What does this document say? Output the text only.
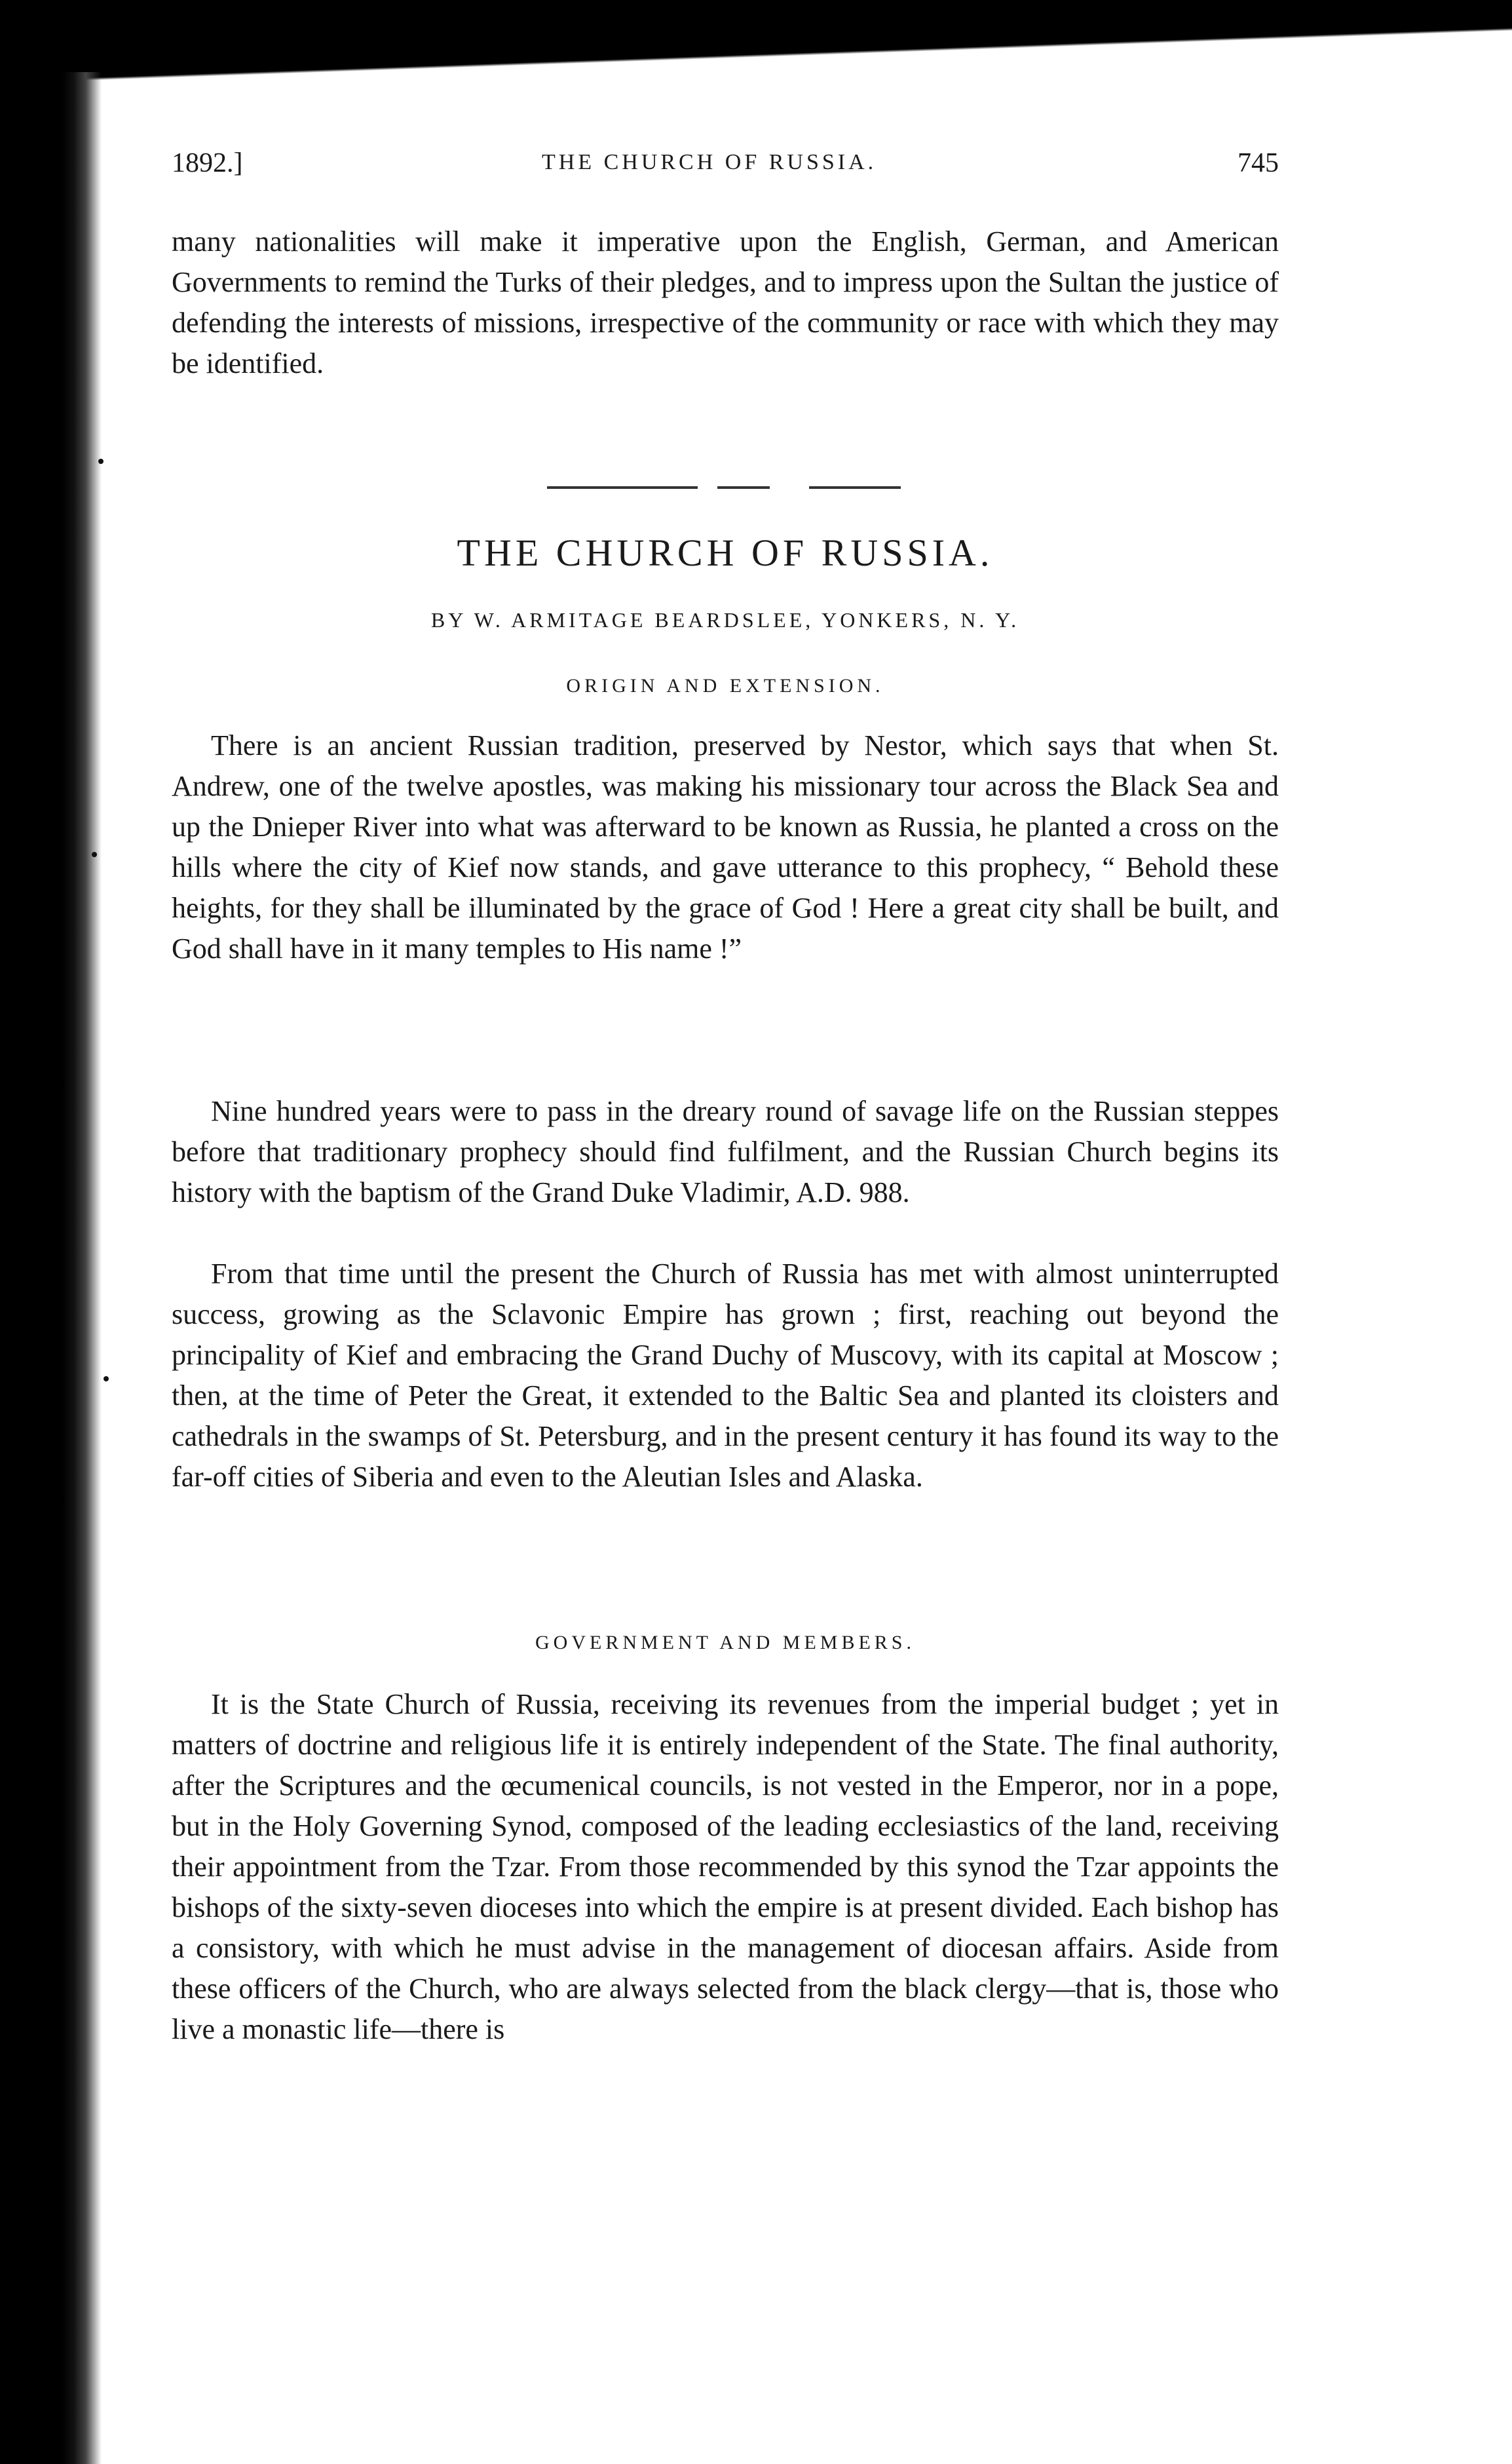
1892.]	THE CHURCH OF RUSSIA.	745
many nationalities will make it imperative upon the English, German, and American Governments to remind the Turks of their pledges, and to impress upon the Sultan the justice of defending the interests of missions, irrespective of the community or race with which they may be identified.
THE CHURCH OF RUSSIA.
BY W. ARMITAGE BEARDSLEE, YONKERS, N. Y.
ORIGIN AND EXTENSION.
There is an ancient Russian tradition, preserved by Nestor, which says that when St. Andrew, one of the twelve apostles, was making his missionary tour across the Black Sea and up the Dnieper River into what was afterward to be known as Russia, he planted a cross on the hills where the city of Kief now stands, and gave utterance to this prophecy, “ Behold these heights, for they shall be illuminated by the grace of God ! Here a great city shall be built, and God shall have in it many temples to His name !”
Nine hundred years were to pass in the dreary round of savage life on the Russian steppes before that traditionary prophecy should find fulfilment, and the Russian Church begins its history with the baptism of the Grand Duke Vladimir, A.D. 988.
From that time until the present the Church of Russia has met with almost uninterrupted success, growing as the Sclavonic Empire has grown ; first, reaching out beyond the principality of Kief and embracing the Grand Duchy of Muscovy, with its capital at Moscow ; then, at the time of Peter the Great, it extended to the Baltic Sea and planted its cloisters and cathedrals in the swamps of St. Petersburg, and in the present century it has found its way to the far-off cities of Siberia and even to the Aleutian Isles and Alaska.
GOVERNMENT AND MEMBERS.
It is the State Church of Russia, receiving its revenues from the imperial budget ; yet in matters of doctrine and religious life it is entirely independent of the State. The final authority, after the Scriptures and the œcumenical councils, is not vested in the Emperor, nor in a pope, but in the Holy Governing Synod, composed of the leading ecclesiastics of the land, receiving their appointment from the Tzar. From those recommended by this synod the Tzar appoints the bishops of the sixty-seven dioceses into which the empire is at present divided. Each bishop has a consistory, with which he must advise in the management of diocesan affairs. Aside from these officers of the Church, who are always selected from the black clergy—that is, those who live a monastic life—there is
